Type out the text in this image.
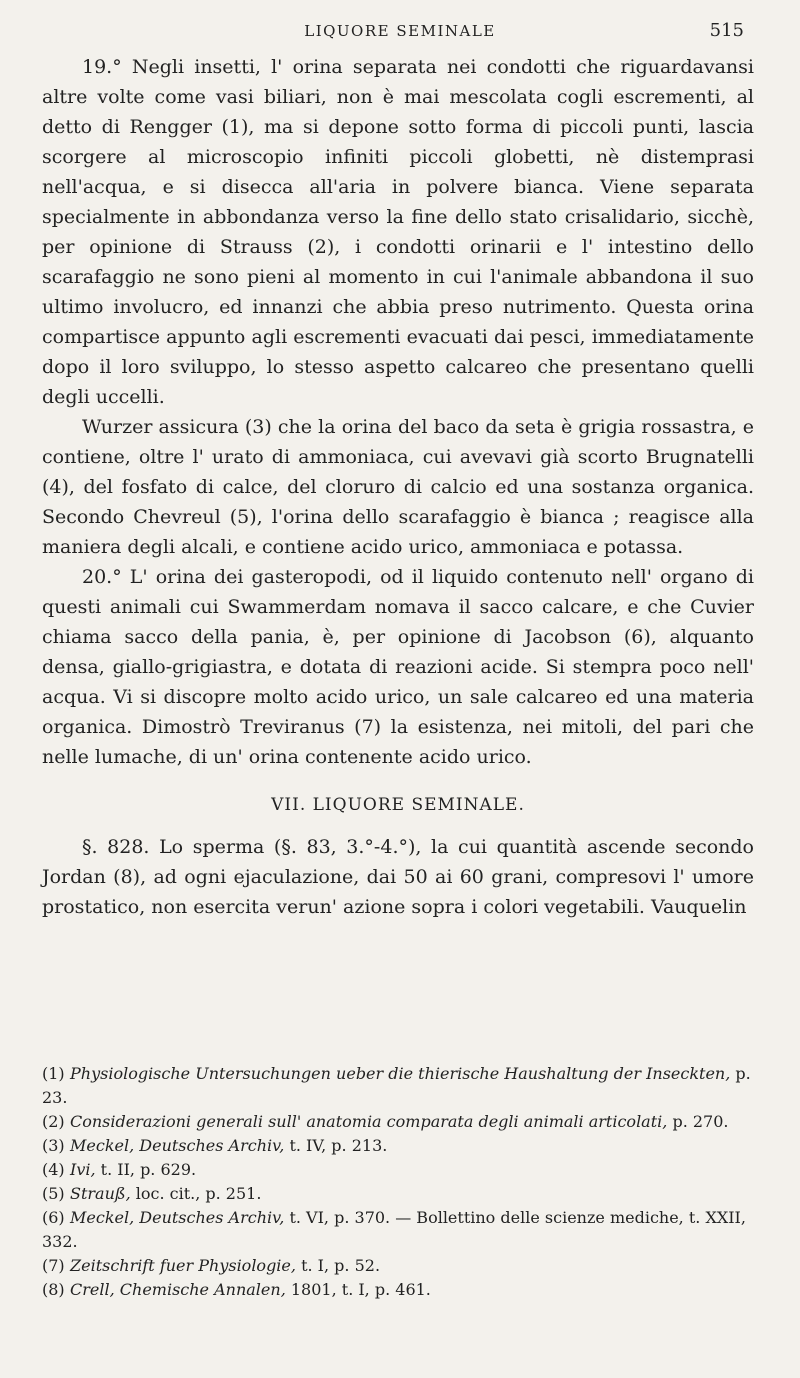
LIQUORE SEMINALE	515

19.° Negli insetti, l' orina separata nei condotti che riguardavansi altre volte come vasi biliari, non è mai mescolata cogli escrementi, al detto di Rengger (1), ma si depone sotto forma di piccoli punti, lascia scorgere al microscopio infiniti piccoli globetti, nè distemprasi nell'acqua, e si disecca all'aria in polvere bianca. Viene separata specialmente in abbondanza verso la fine dello stato crisalidario, sicchè, per opinione di Strauss (2), i condotti orinarii e l' intestino dello scarafaggio ne sono pieni al momento in cui l'animale abbandona il suo ultimo involucro, ed innanzi che abbia preso nutrimento. Questa orina compartisce appunto agli escrementi evacuati dai pesci, immediatamente dopo il loro sviluppo, lo stesso aspetto calcareo che presentano quelli degli uccelli.

Wurzer assicura (3) che la orina del baco da seta è grigia rossastra, e contiene, oltre l' urato di ammoniaca, cui avevavi già scorto Brugnatelli (4), del fosfato di calce, del cloruro di calcio ed una sostanza organica. Secondo Chevreul (5), l'orina dello scarafaggio è bianca ; reagisce alla maniera degli alcali, e contiene acido urico, ammoniaca e potassa.

20.° L' orina dei gasteropodi, od il liquido contenuto nell' organo di questi animali cui Swammerdam nomava il sacco calcare, e che Cuvier chiama sacco della pania, è, per opinione di Jacobson (6), alquanto densa, giallo-grigiastra, e dotata di reazioni acide. Si stempra poco nell' acqua. Vi si discopre molto acido urico, un sale calcareo ed una materia organica. Dimostrò Treviranus (7) la esistenza, nei mitoli, del pari che nelle lumache, di un' orina contenente acido urico.

VII. LIQUORE SEMINALE.

§. 828. Lo sperma (§. 83, 3.°-4.°), la cui quantità ascende secondo Jordan (8), ad ogni ejaculazione, dai 50 ai 60 grani, compresovi l' umore prostatico, non esercita verun' azione sopra i colori vegetabili. Vauquelin

(1) Physiologische Untersuchungen ueber die thierische Haushaltung der Inseckten, p. 23.
(2) Considerazioni generali sull' anatomia comparata degli animali articolati, p. 270.
(3) Meckel, Deutsches Archiv, t. IV, p. 213.
(4) Ivi, t. II, p. 629.
(5) Strauß, loc. cit., p. 251.
(6) Meckel, Deutsches Archiv, t. VI, p. 370. — Bollettino delle scienze mediche, t. XXII, 332.
(7) Zeitschrift fuer Physiologie, t. I, p. 52.
(8) Crell, Chemische Annalen, 1801, t. I, p. 461.
